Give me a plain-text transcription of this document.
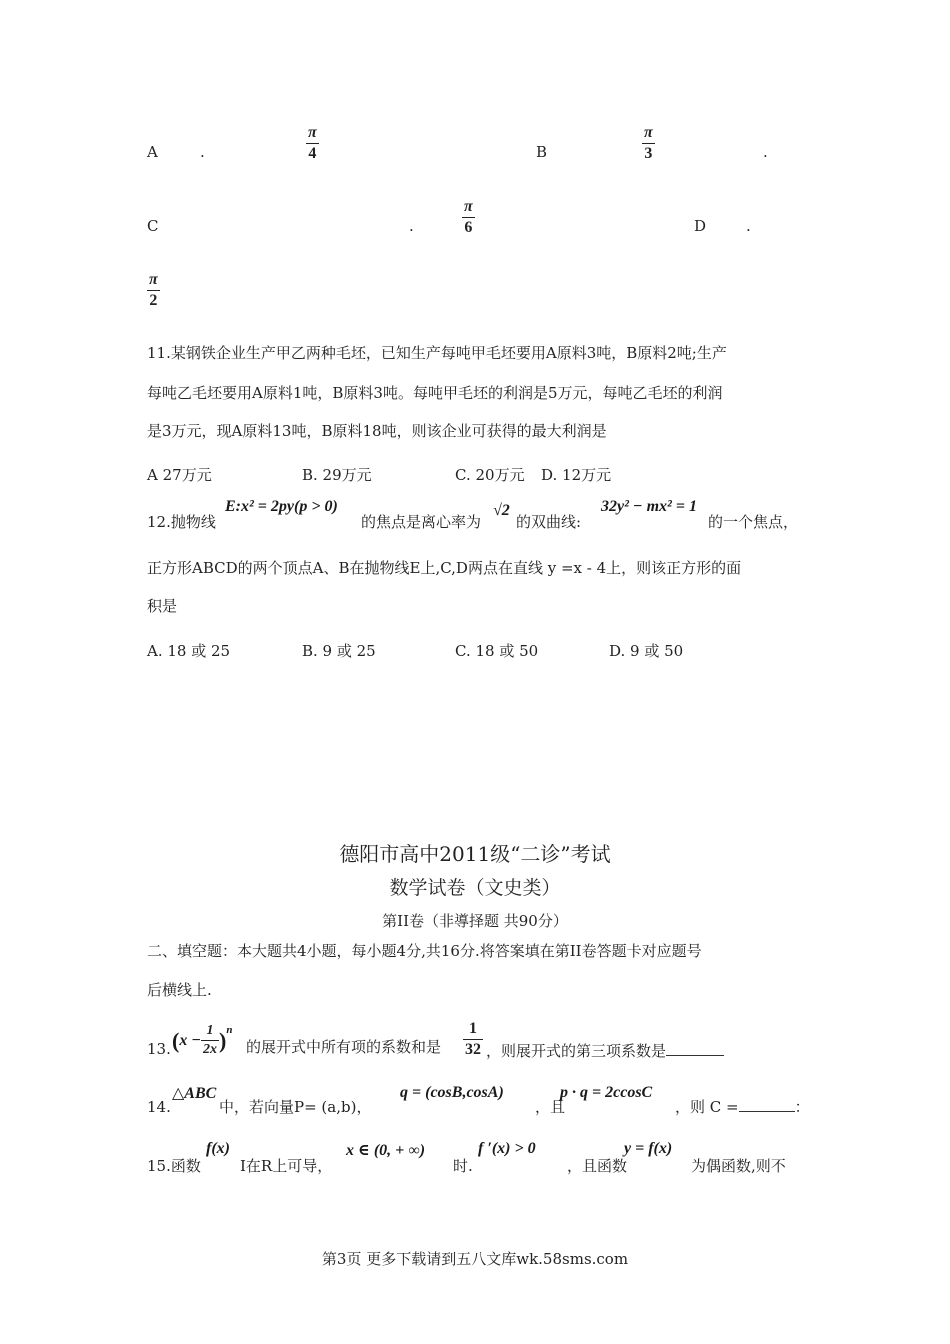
A	.
π
4	B
π
3	.
C	.
π
6	D	.
π
2
11.某钢铁企业生产甲乙两种毛坯，已知生产每吨甲毛坯要用A原料3吨，B原料2吨;生产
每吨乙毛坯要用A原料1吨，B原料3吨。每吨甲毛坯的利润是5万元，每吨乙毛坯的利润
是3万元，现A原料13吨，B原料18吨，则该企业可获得的最大利润是
A 27万元	B. 29万元	C. 20万元 D. 12万元
12.抛物线
E:x² = 2py(p > 0)
的焦点是离心率为
√2
的双曲线:
32y² − mx² = 1
的一个焦点，
正方形ABCD的两个顶点A、B在抛物线E上,C,D两点在直线 y =x - 4上，则该正方形的面
积是
A. 18 或 25	B. 9 或 25	C. 18 或 50	D. 9 或 50
德阳市高中2011级“二诊”考试
数学试卷（文史类）
第II卷（非導择题 共90分）
二、填空题：本大题共4小题，每小题4分,共16分.将答案填在第II卷答题卡对应题号
后横线上.
13. ( $x - \frac{1}{2x}$ ) n
的展开式中所有项的系数和是
1
32 ，则展开式的第三项系数是
14.
△ABC
中，若向量P= (a,b)，
q = (cosB,cosA)
，且
p · q = 2ccosC
，则 C =	：
15.函数
f(x)
I在R上可导，
x ∈ (0, + ∞)
时.
f ′(x) > 0
，且函数
y = f(x)
为偶函数,则不
第3页 更多下载请到五八文库wk.58sms.com
